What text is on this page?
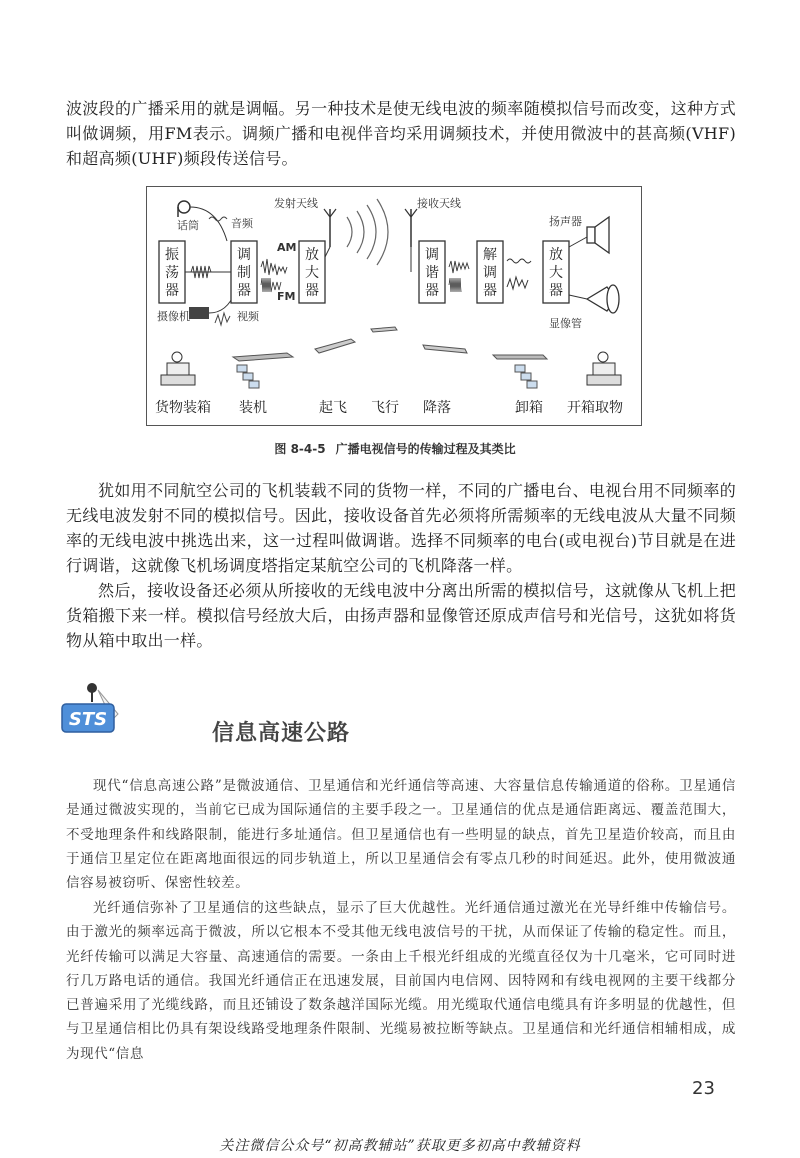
波波段的广播采用的就是调幅。另一种技术是使无线电波的频率随模拟信号而改变，这种方式叫做调频，用FM表示。调频广播和电视伴音均采用调频技术，并使用微波中的甚高频(VHF)和超高频(UHF)频段传送信号。

发射天线	接收天线
话筒	音频
摄像机	视频
振
荡
器
调
制
器
AM
FM
放
大
器
调
谐
器
解
调
器
放
大
器
扬声器
显像管
货物装箱 装机	起飞 飞行 降落	卸箱 开箱取物
图 8-4-5 广播电视信号的传输过程及其类比

犹如用不同航空公司的飞机装载不同的货物一样，不同的广播电台、电视台用不同频率的无线电波发射不同的模拟信号。因此，接收设备首先必须将所需频率的无线电波从大量不同频率的无线电波中挑选出来，这一过程叫做调谐。选择不同频率的电台(或电视台)节目就是在进行调谐，这就像飞机场调度塔指定某航空公司的飞机降落一样。

然后，接收设备还必须从所接收的无线电波中分离出所需的模拟信号，这就像从飞机上把货箱搬下来一样。模拟信号经放大后，由扬声器和显像管还原成声信号和光信号，这犹如将货物从箱中取出一样。

STS
信息高速公路

现代“信息高速公路”是微波通信、卫星通信和光纤通信等高速、大容量信息传输通道的俗称。卫星通信是通过微波实现的，当前它已成为国际通信的主要手段之一。卫星通信的优点是通信距离远、覆盖范围大，不受地理条件和线路限制，能进行多址通信。但卫星通信也有一些明显的缺点，首先卫星造价较高，而且由于通信卫星定位在距离地面很远的同步轨道上，所以卫星通信会有零点几秒的时间延迟。此外，使用微波通信容易被窃听、保密性较差。

光纤通信弥补了卫星通信的这些缺点，显示了巨大优越性。光纤通信通过激光在光导纤维中传输信号。由于激光的频率远高于微波，所以它根本不受其他无线电波信号的干扰，从而保证了传输的稳定性。而且，光纤传输可以满足大容量、高速通信的需要。一条由上千根光纤组成的光缆直径仅为十几毫米，它可同时进行几万路电话的通信。我国光纤通信正在迅速发展，目前国内电信网、因特网和有线电视网的主要干线都分已普遍采用了光缆线路，而且还铺设了数条越洋国际光缆。用光缆取代通信电缆具有许多明显的优越性，但与卫星通信相比仍具有架设线路受地理条件限制、光缆易被拉断等缺点。卫星通信和光纤通信相辅相成，成为现代“信息

23
关注微信公众号“初高教辅站”获取更多初高中教辅资料
